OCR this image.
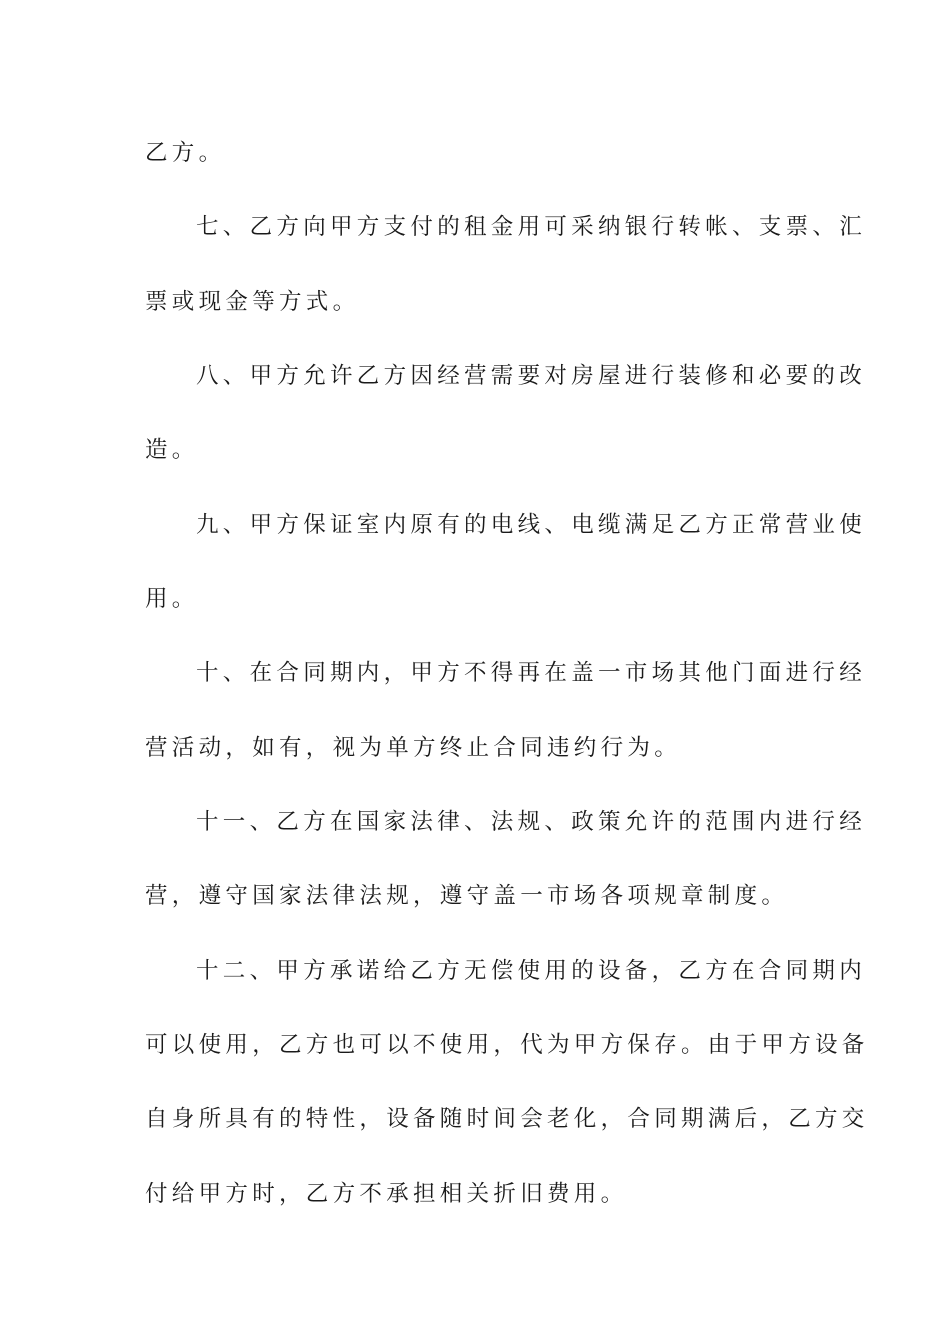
乙方。
七、乙方向甲方支付的租金用可采纳银行转帐、支票、汇
票或现金等方式。
八、甲方允许乙方因经营需要对房屋进行装修和必要的改
造。
九、甲方保证室内原有的电线、电缆满足乙方正常营业使
用。
十、在合同期内，甲方不得再在盖一市场其他门面进行经
营活动，如有，视为单方终止合同违约行为。
十一、乙方在国家法律、法规、政策允许的范围内进行经
营，遵守国家法律法规，遵守盖一市场各项规章制度。
十二、甲方承诺给乙方无偿使用的设备，乙方在合同期内
可以使用，乙方也可以不使用，代为甲方保存。由于甲方设备
自身所具有的特性，设备随时间会老化，合同期满后，乙方交
付给甲方时，乙方不承担相关折旧费用。
